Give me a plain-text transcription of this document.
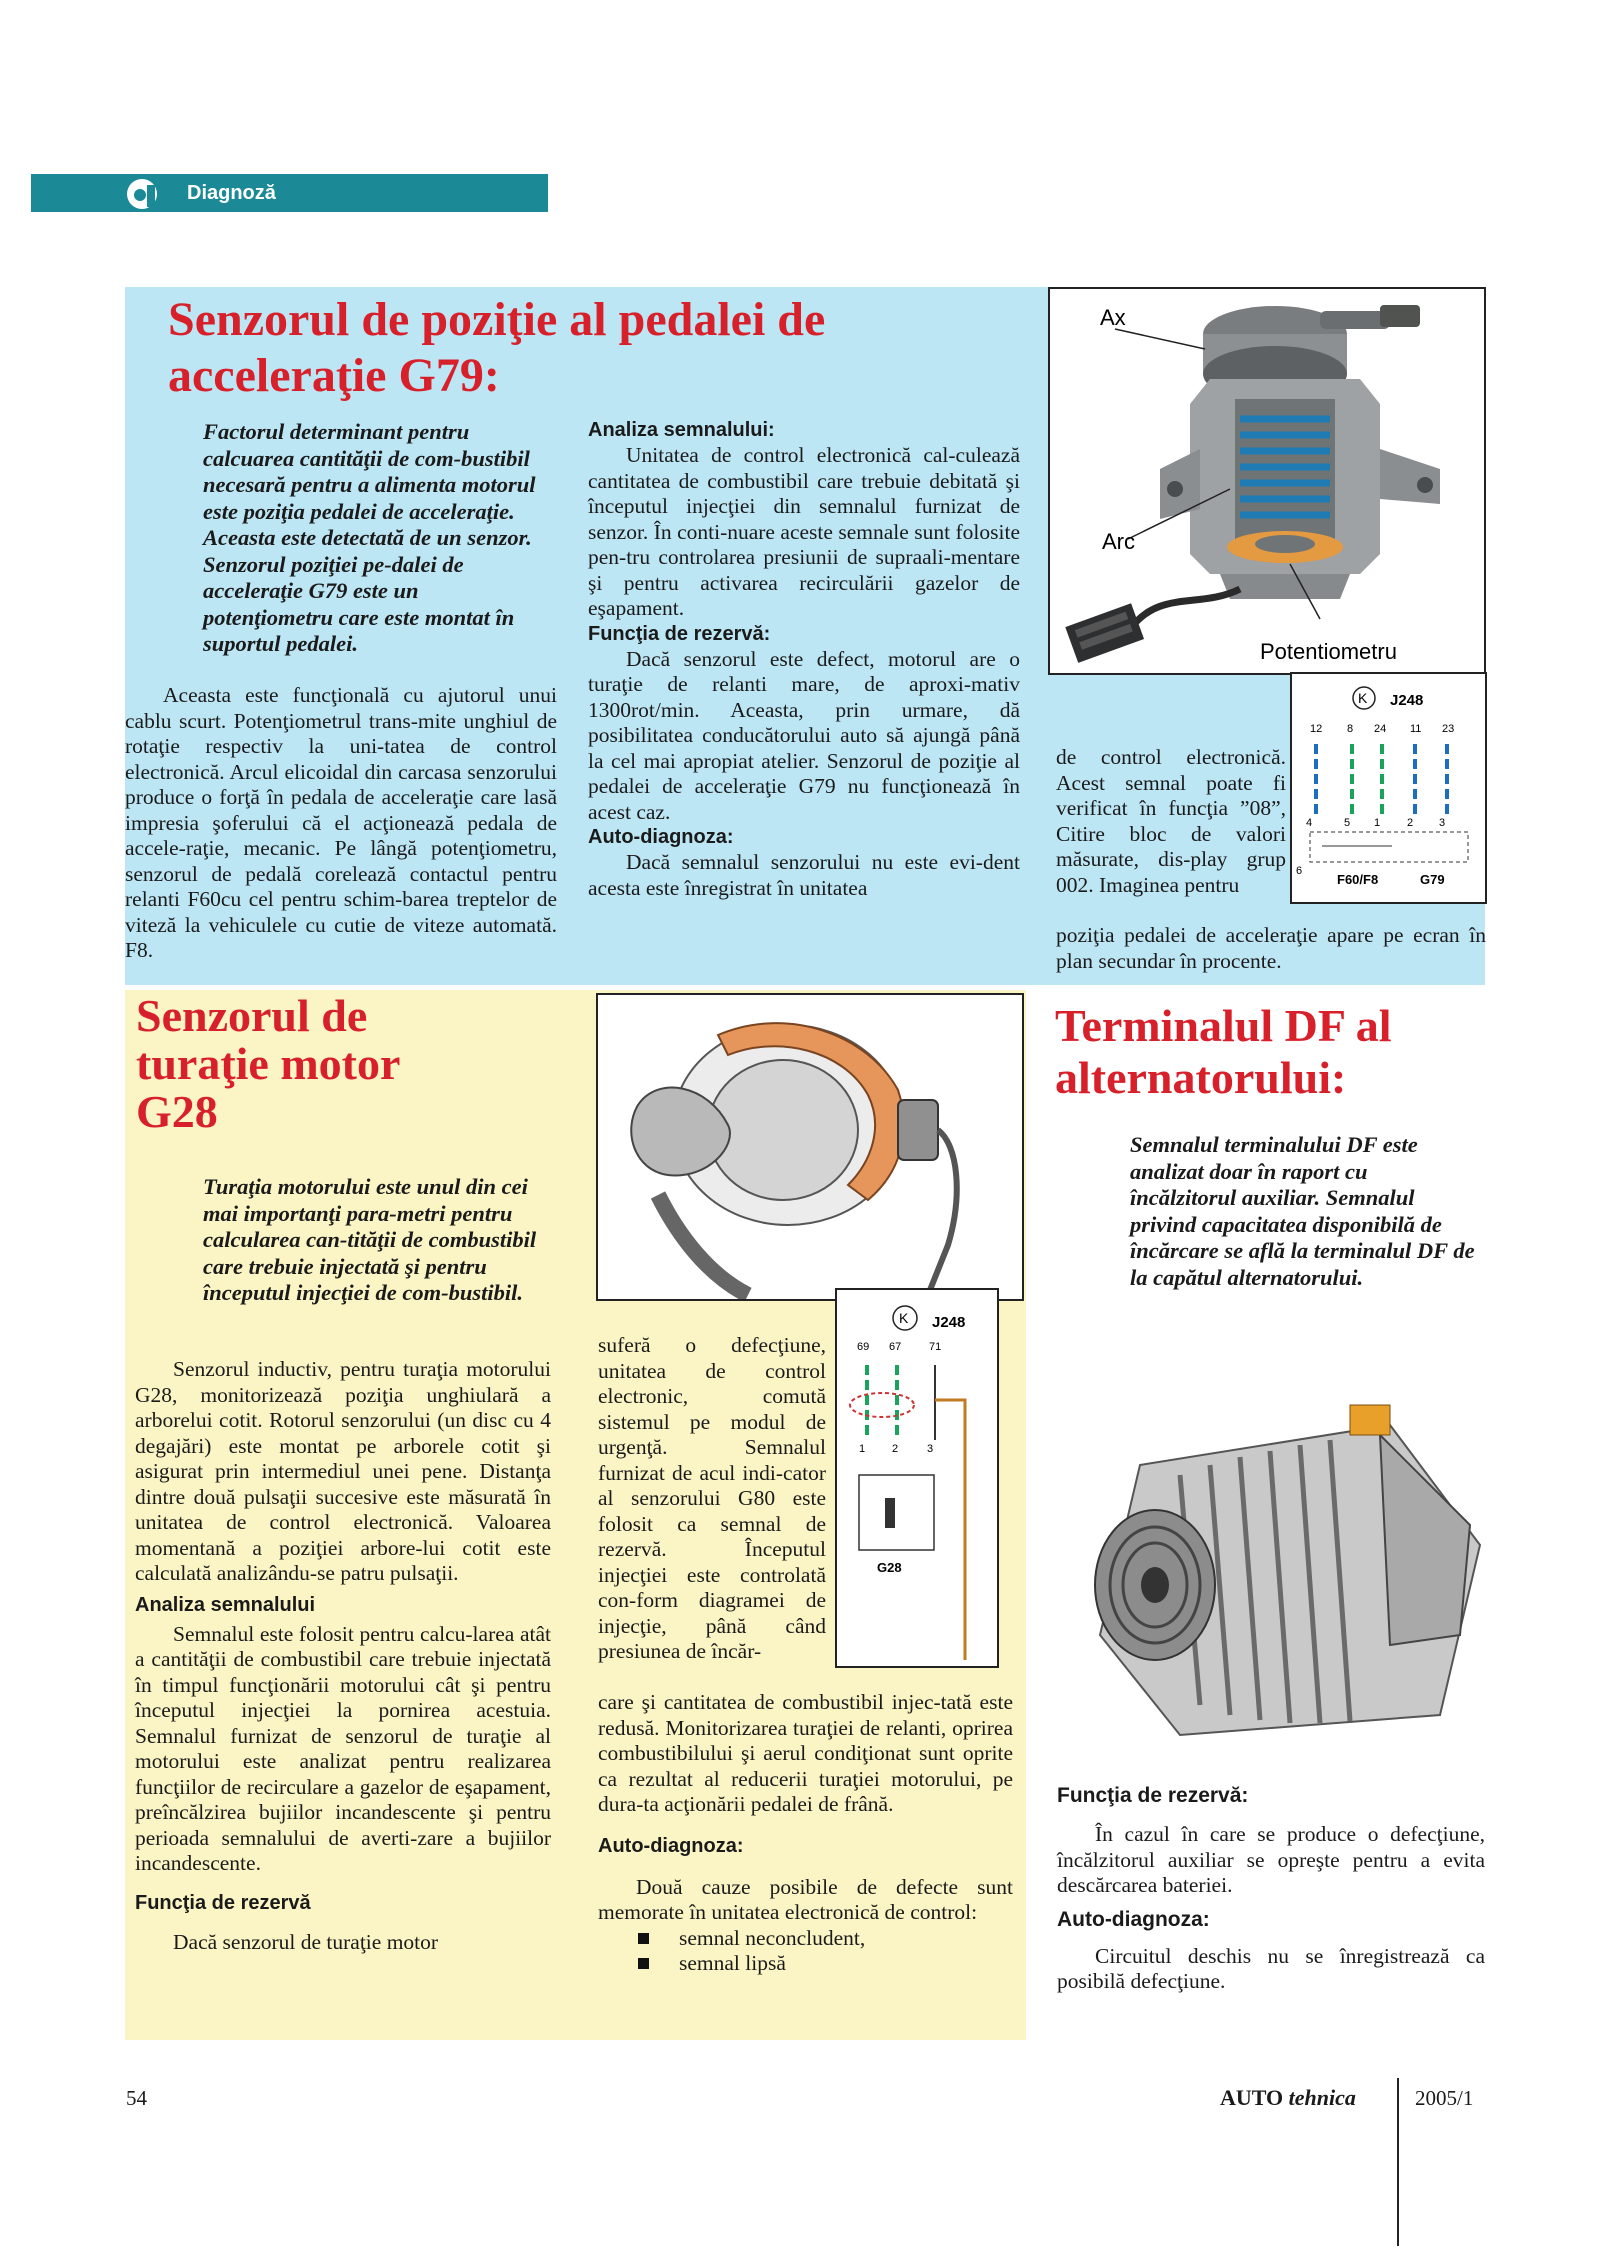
Diagnoză
Senzorul de poziţie al pedalei de
acceleraţie G79:
Factorul determinant pentru calcuarea cantităţii de com-bustibil necesară pentru a alimenta motorul este poziţia pedalei de acceleraţie. Aceasta este detectată de un senzor. Senzorul poziţiei pe-dalei de acceleraţie G79 este un potenţiometru care este montat în suportul pedalei.

Aceasta este funcţională cu ajutorul unui cablu scurt. Potenţiometrul trans-mite unghiul de rotaţie respectiv la uni-tatea de control electronică. Arcul elicoidal din carcasa senzorului produce o forţă în pedala de acceleraţie care lasă impresia şoferului că el acţionează pedala de accele-raţie, mecanic. Pe lângă potenţiometru, senzorul de pedală corelează contactul pentru relanti F60cu cel pentru schim-barea treptelor de viteză la vehiculele cu cutie de viteze automată. F8.

Analiza semnalului:

Unitatea de control electronică cal-culează cantitatea de combustibil care trebuie debitată şi începutul injecţiei din semnalul furnizat de senzor. În conti-nuare aceste semnale sunt folosite pen-tru controlarea presiunii de supraali-mentare şi pentru activarea recirculării gazelor de eşapament.

Funcţia de rezervă:

Dacă senzorul este defect, motorul are o turaţie de relanti mare, de aproxi-mativ 1300rot/min. Aceasta, prin urmare, dă posibilitatea conducătorului auto să ajungă până la cel mai apropiat atelier. Senzorul de poziţie al pedalei de acceleraţie G79 nu funcţionează în acest caz.

Auto-diagnoza:

Dacă semnalul senzorului nu este evi-dent acesta este înregistrat în unitatea

Ax
Arc
Potentiometru
K J248
12 8 24 11 23
4	5 1 2 3
6
F60/F8	G79
de control electronică. Acest semnal poate fi verificat în funcţia ”08”, Citire bloc de valori măsurate, dis-play grup 002. Imaginea pentru
poziţia pedalei de acceleraţie apare pe ecran în plan secundar în procente.
Senzorul de
turaţie motor
G28
Turaţia motorului este unul din cei mai importanţi para-metri pentru calcularea can-tităţii de combustibil care trebuie injectată şi pentru începutul injecţiei de com-bustibil.

Senzorul inductiv, pentru turaţia motorului G28, monitorizează poziţia unghiulară a arborelui cotit. Rotorul senzorului (un disc cu 4 degajări) este montat pe arborele cotit şi asigurat prin intermediul unei pene. Distanţa dintre două pulsaţii succesive este măsurată în unitatea de control electronică. Valoarea momentană a poziţiei arbore-lui cotit este calculată analizându-se patru pulsaţii.

Analiza semnalului

Semnalul este folosit pentru calcu-larea atât a cantităţii de combustibil care trebuie injectată în timpul funcţionării motorului cât şi pentru începutul injecţiei la pornirea acestuia. Semnalul furnizat de senzorul de turaţie al motorului este analizat pentru realizarea funcţiilor de recirculare a gazelor de eşapament, preîncălzirea bujiilor incandescente şi pentru perioada semnalului de averti-zare a bujiilor incandescente.

Funcţia de rezervă

Dacă senzorul de turaţie motor

K J248
69 67	71
1 2	3
G28
suferă o defecţiune, unitatea de control electronic, comută sistemul pe modul de urgenţă. Semnalul furnizat de acul indi-cator al senzorului G80 este folosit ca semnal de rezervă. Începutul injecţiei este controlată con-form diagramei de injecţie, până când presiunea de încăr-
care şi cantitatea de combustibil injec-tată este redusă. Monitorizarea turaţiei de relanti, oprirea combustibilului şi aerul condiţionat sunt oprite ca rezultat al reducerii turaţiei motorului, pe dura-ta acţionării pedalei de frână.
Auto-diagnoza:

Două cauze posibile de defecte sunt memorate în unitatea electronică de control:

semnal neconcludent,
semnal lipsă
Terminalul DF al
alternatorului:
Semnalul terminalului DF este analizat doar în raport cu încălzitorul auxiliar. Semnalul privind capacitatea disponibilă de încărcare se află la terminalul DF de la capătul alternatorului.
Funcţia de rezervă:

În cazul în care se produce o defecţiune, încălzitorul auxiliar se opreşte pentru a evita descărcarea bateriei.

Auto-diagnoza:

Circuitul deschis nu se înregistrează ca posibilă defecţiune.

54	AUTO tehnica	2005/1
